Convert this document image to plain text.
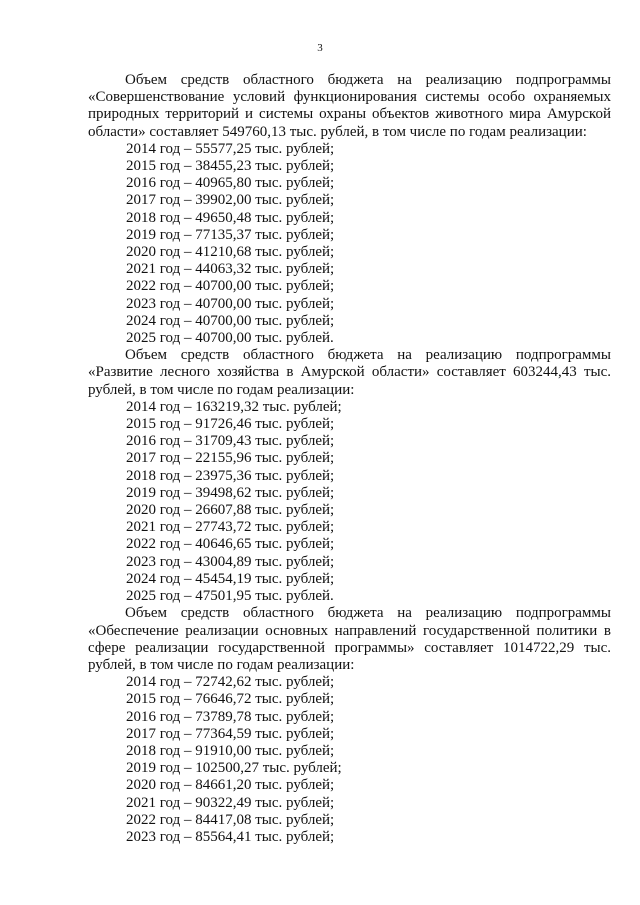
3

Объем средств областного бюджета на реализацию подпрограммы «Совершенствование условий функционирования системы особо охраняемых природных территорий и системы охраны объектов животного мира Амурской области» составляет 549760,13 тыс. рублей, в том числе по годам реализации:

2014 год – 55577,25 тыс. рублей;

2015 год – 38455,23 тыс. рублей;

2016 год – 40965,80 тыс. рублей;

2017 год – 39902,00 тыс. рублей;

2018 год – 49650,48 тыс. рублей;

2019 год – 77135,37 тыс. рублей;

2020 год – 41210,68 тыс. рублей;

2021 год – 44063,32 тыс. рублей;

2022 год – 40700,00 тыс. рублей;

2023 год – 40700,00 тыс. рублей;

2024 год – 40700,00 тыс. рублей;

2025 год – 40700,00 тыс. рублей.

Объем средств областного бюджета на реализацию подпрограммы «Развитие лесного хозяйства в Амурской области» составляет 603244,43 тыс. рублей, в том числе по годам реализации:

2014 год – 163219,32 тыс. рублей;

2015 год – 91726,46 тыс. рублей;

2016 год – 31709,43 тыс. рублей;

2017 год – 22155,96 тыс. рублей;

2018 год – 23975,36 тыс. рублей;

2019 год – 39498,62 тыс. рублей;

2020 год – 26607,88 тыс. рублей;

2021 год – 27743,72 тыс. рублей;

2022 год – 40646,65 тыс. рублей;

2023 год – 43004,89 тыс. рублей;

2024 год – 45454,19 тыс. рублей;

2025 год – 47501,95 тыс. рублей.

Объем средств областного бюджета на реализацию подпрограммы «Обеспечение реализации основных направлений государственной политики в сфере реализации государственной программы» составляет 1014722,29 тыс. рублей, в том числе по годам реализации:

2014 год – 72742,62 тыс. рублей;

2015 год – 76646,72 тыс. рублей;

2016 год – 73789,78 тыс. рублей;

2017 год – 77364,59 тыс. рублей;

2018 год – 91910,00 тыс. рублей;

2019 год – 102500,27 тыс. рублей;

2020 год – 84661,20 тыс. рублей;

2021 год – 90322,49 тыс. рублей;

2022 год – 84417,08 тыс. рублей;

2023 год – 85564,41 тыс. рублей;
